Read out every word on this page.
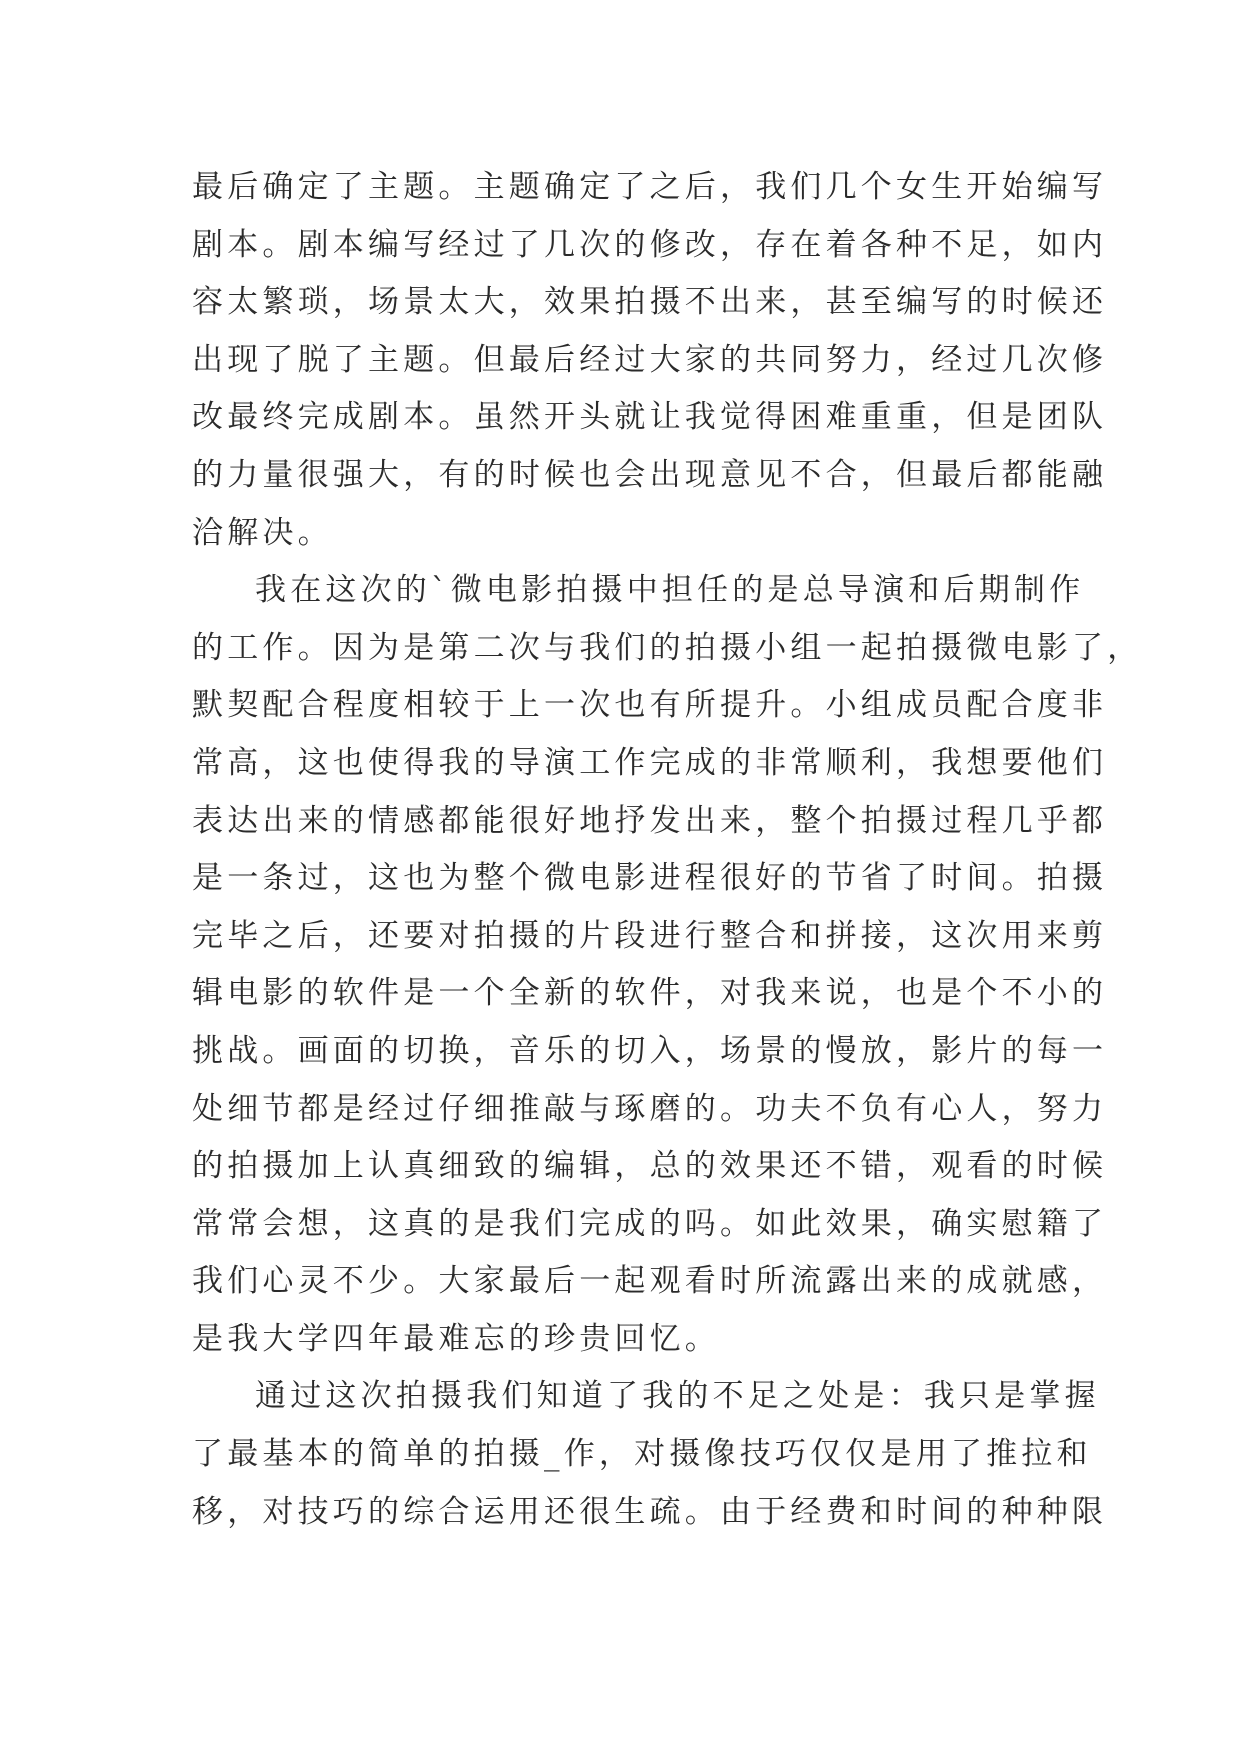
最后确定了主题。主题确定了之后，我们几个女生开始编写
剧本。剧本编写经过了几次的修改，存在着各种不足，如内
容太繁琐，场景太大，效果拍摄不出来，甚至编写的时候还
出现了脱了主题。但最后经过大家的共同努力，经过几次修
改最终完成剧本。虽然开头就让我觉得困难重重，但是团队
的力量很强大，有的时候也会出现意见不合，但最后都能融
洽解决。
我在这次的`微电影拍摄中担任的是总导演和后期制作
的工作。因为是第二次与我们的拍摄小组一起拍摄微电影了，
默契配合程度相较于上一次也有所提升。小组成员配合度非
常高，这也使得我的导演工作完成的非常顺利，我想要他们
表达出来的情感都能很好地抒发出来，整个拍摄过程几乎都
是一条过，这也为整个微电影进程很好的节省了时间。拍摄
完毕之后，还要对拍摄的片段进行整合和拼接，这次用来剪
辑电影的软件是一个全新的软件，对我来说，也是个不小的
挑战。画面的切换，音乐的切入，场景的慢放，影片的每一
处细节都是经过仔细推敲与琢磨的。功夫不负有心人，努力
的拍摄加上认真细致的编辑，总的效果还不错，观看的时候
常常会想，这真的是我们完成的吗。如此效果，确实慰籍了
我们心灵不少。大家最后一起观看时所流露出来的成就感，
是我大学四年最难忘的珍贵回忆。
通过这次拍摄我们知道了我的不足之处是：我只是掌握
了最基本的简单的拍摄_作，对摄像技巧仅仅是用了推拉和
移，对技巧的综合运用还很生疏。由于经费和时间的种种限
